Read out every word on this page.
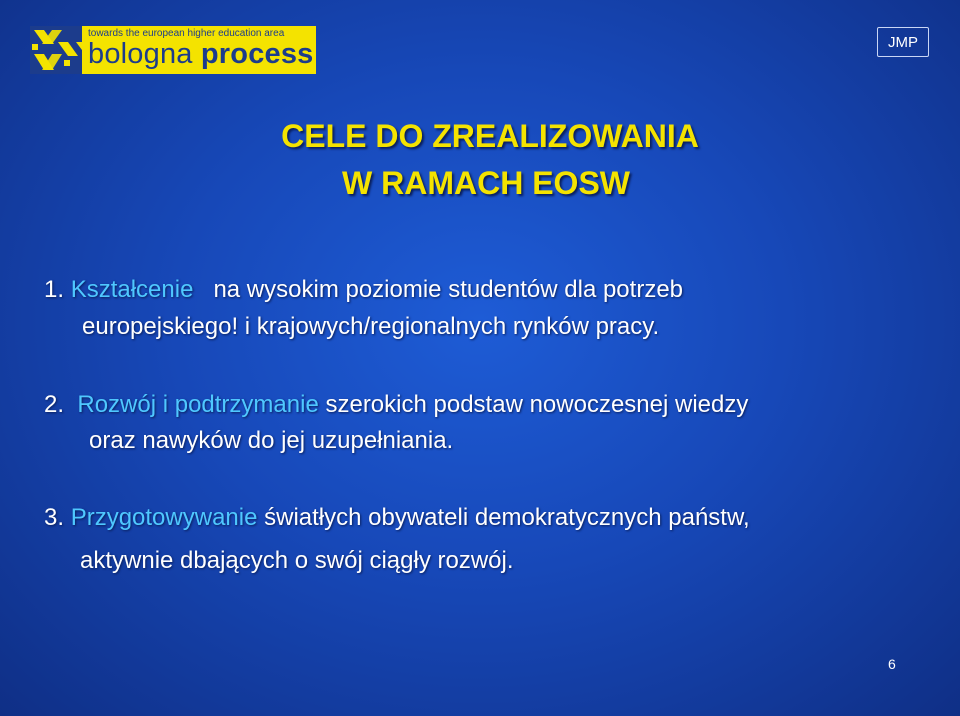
towards the european higher education area
bologna process	JMP
CELE DO ZREALIZOWANIA
W RAMACH EOSW
1. Kształcenie na wysokim poziomie studentów dla potrzeb
europejskiego! i krajowych/regionalnych rynków pracy.
2. Rozwój i podtrzymanie szerokich podstaw nowoczesnej wiedzy
oraz nawyków do jej uzupełniania.
3. Przygotowywanie światłych obywateli demokratycznych państw,
aktywnie dbających o swój ciągły rozwój.
6
